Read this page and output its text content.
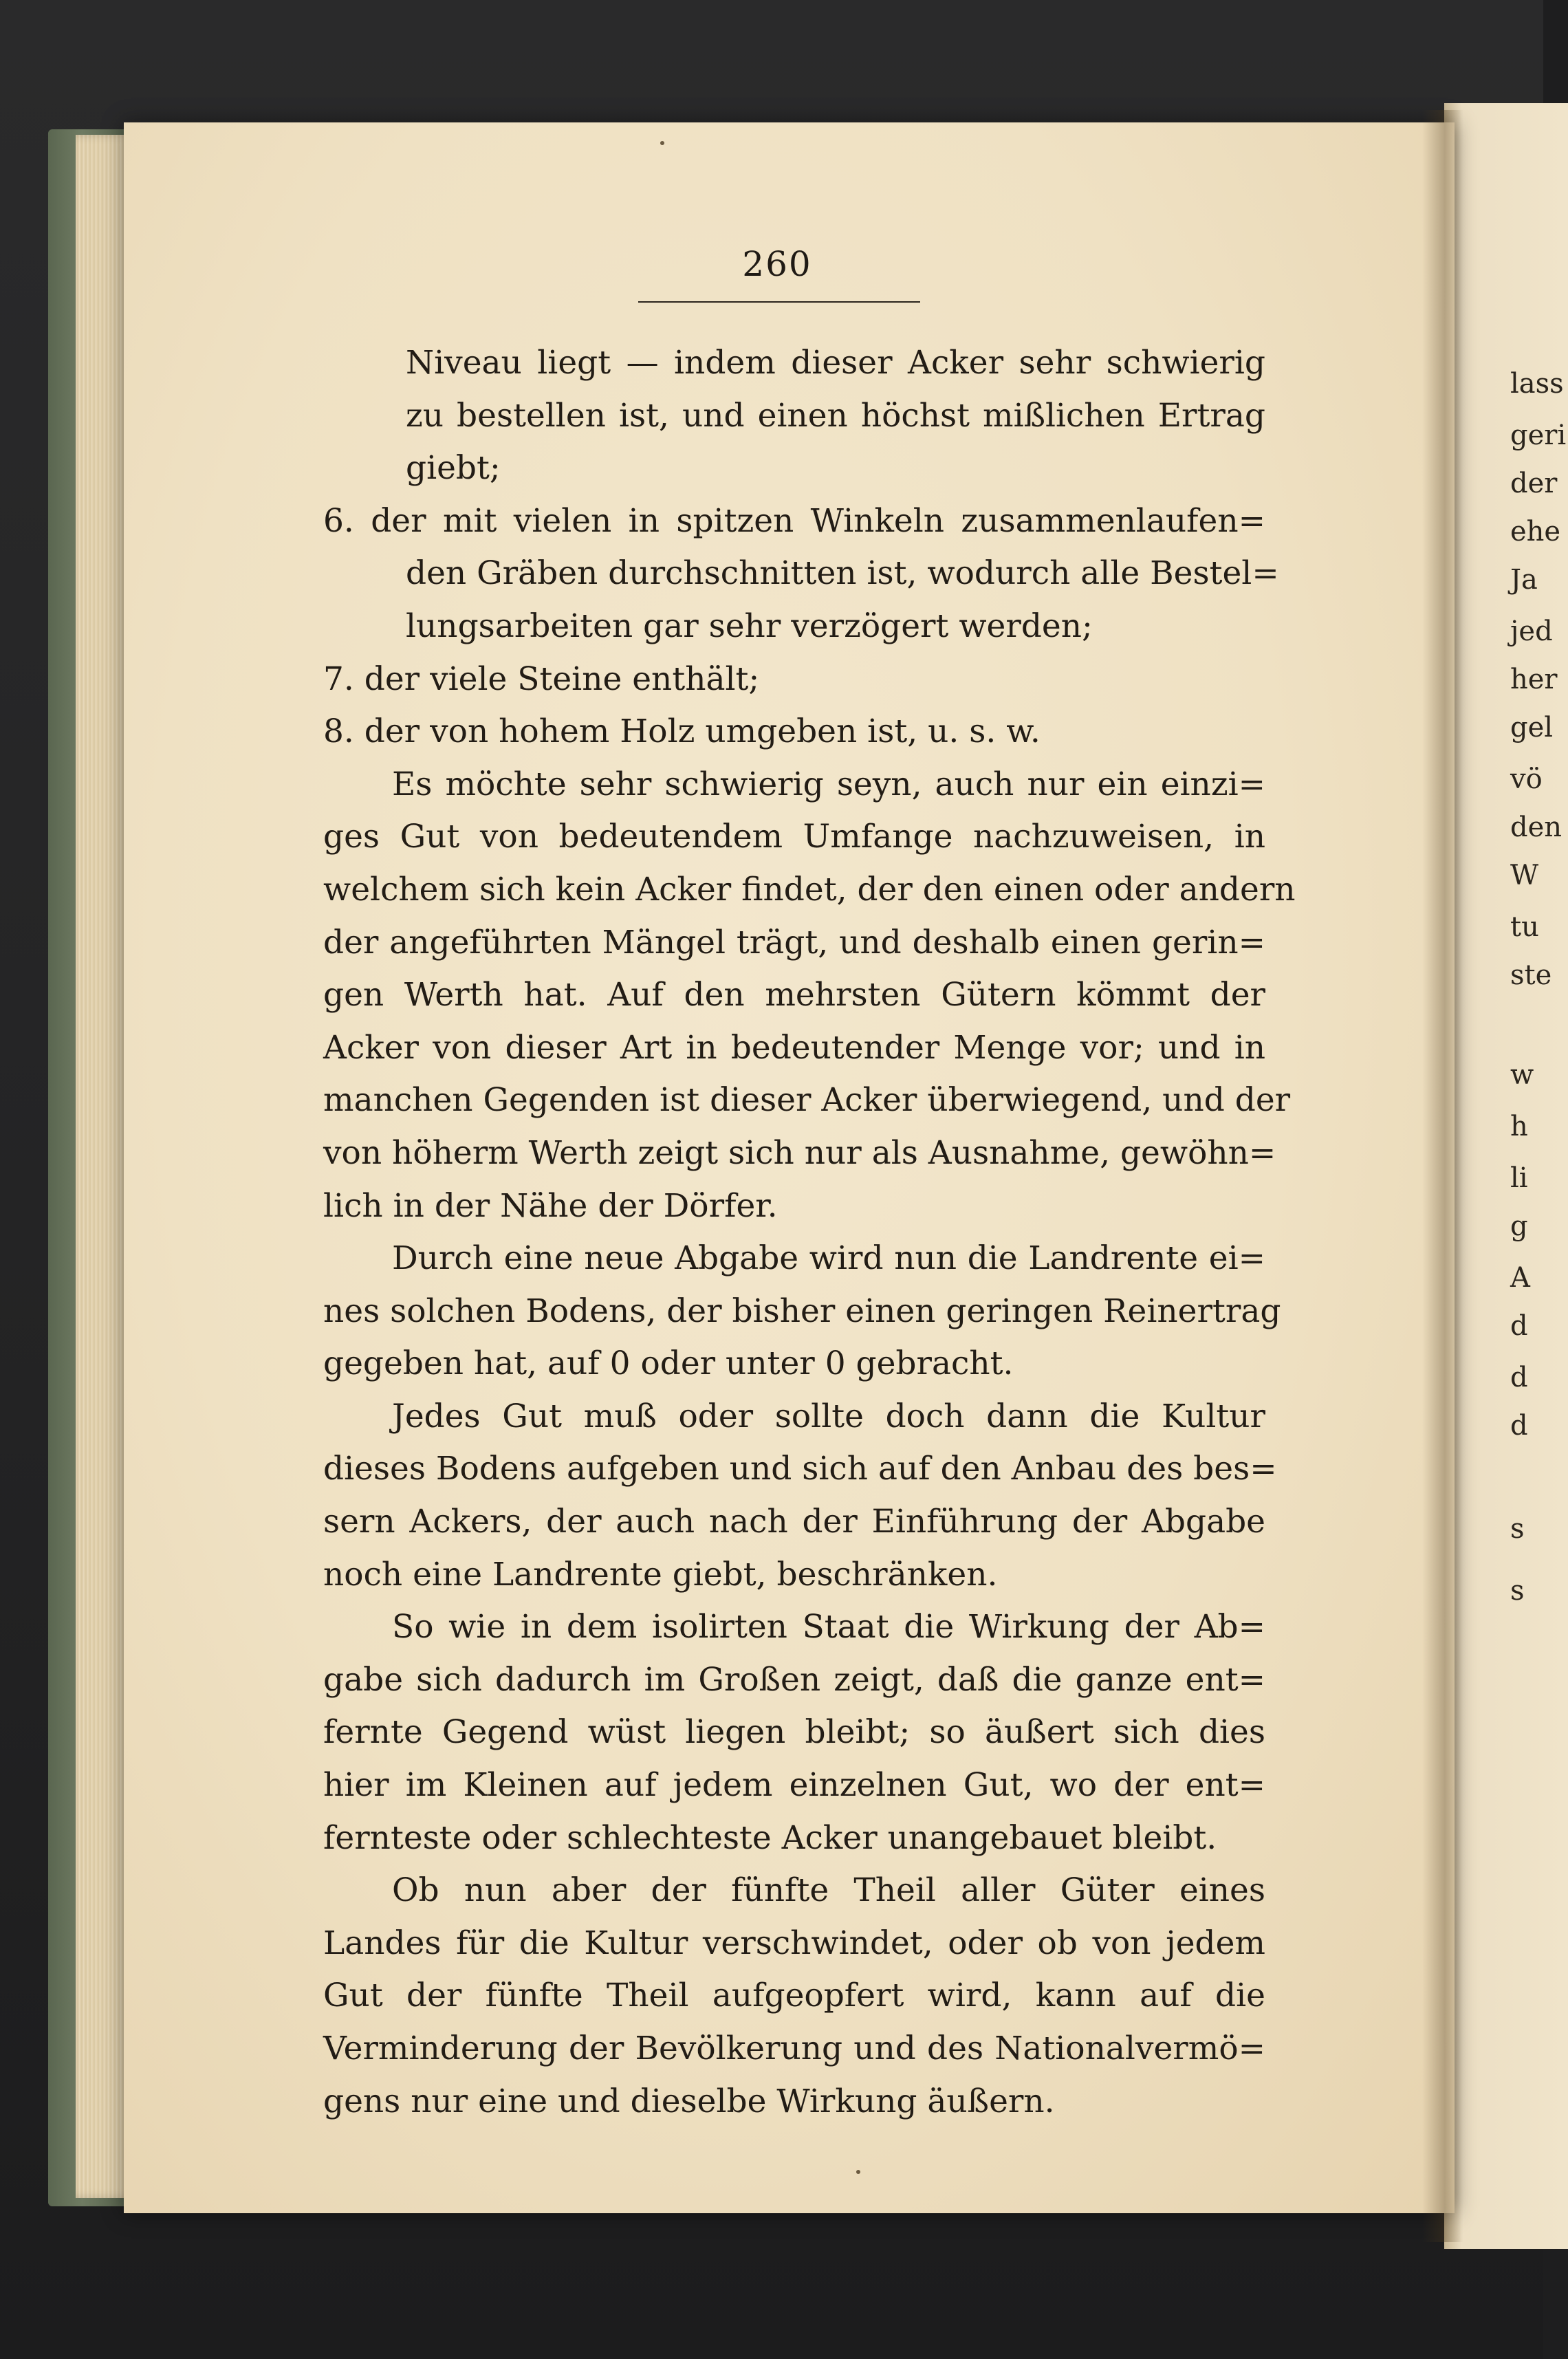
260
Niveau liegt — indem dieser Acker sehr schwierig
zu bestellen ist, und einen höchst mißlichen Ertrag
giebt;
6. der mit vielen in spitzen Winkeln zusammenlaufen=
den Gräben durchschnitten ist, wodurch alle Bestel=
lungsarbeiten gar sehr verzögert werden;
7. der viele Steine enthält;
8. der von hohem Holz umgeben ist, u. s. w.
Es möchte sehr schwierig seyn, auch nur ein einzi=
ges Gut von bedeutendem Umfange nachzuweisen, in
welchem sich kein Acker findet, der den einen oder andern
der angeführten Mängel trägt, und deshalb einen gerin=
gen Werth hat. Auf den mehrsten Gütern kömmt der
Acker von dieser Art in bedeutender Menge vor; und in
manchen Gegenden ist dieser Acker überwiegend, und der
von höherm Werth zeigt sich nur als Ausnahme, gewöhn=
lich in der Nähe der Dörfer.
Durch eine neue Abgabe wird nun die Landrente ei=
nes solchen Bodens, der bisher einen geringen Reinertrag
gegeben hat, auf 0 oder unter 0 gebracht.
Jedes Gut muß oder sollte doch dann die Kultur
dieses Bodens aufgeben und sich auf den Anbau des bes=
sern Ackers, der auch nach der Einführung der Abgabe
noch eine Landrente giebt, beschränken.
So wie in dem isolirten Staat die Wirkung der Ab=
gabe sich dadurch im Großen zeigt, daß die ganze ent=
fernte Gegend wüst liegen bleibt; so äußert sich dies
hier im Kleinen auf jedem einzelnen Gut, wo der ent=
fernteste oder schlechteste Acker unangebauet bleibt.
Ob nun aber der fünfte Theil aller Güter eines
Landes für die Kultur verschwindet, oder ob von jedem
Gut der fünfte Theil aufgeopfert wird, kann auf die
Verminderung der Bevölkerung und des Nationalvermö=
gens nur eine und dieselbe Wirkung äußern.
lass
geri
der
ehe
Ja
jed
her
gel
vö
den
W
tu
ste
w
h
li
g
A
d
d
d
s
s
